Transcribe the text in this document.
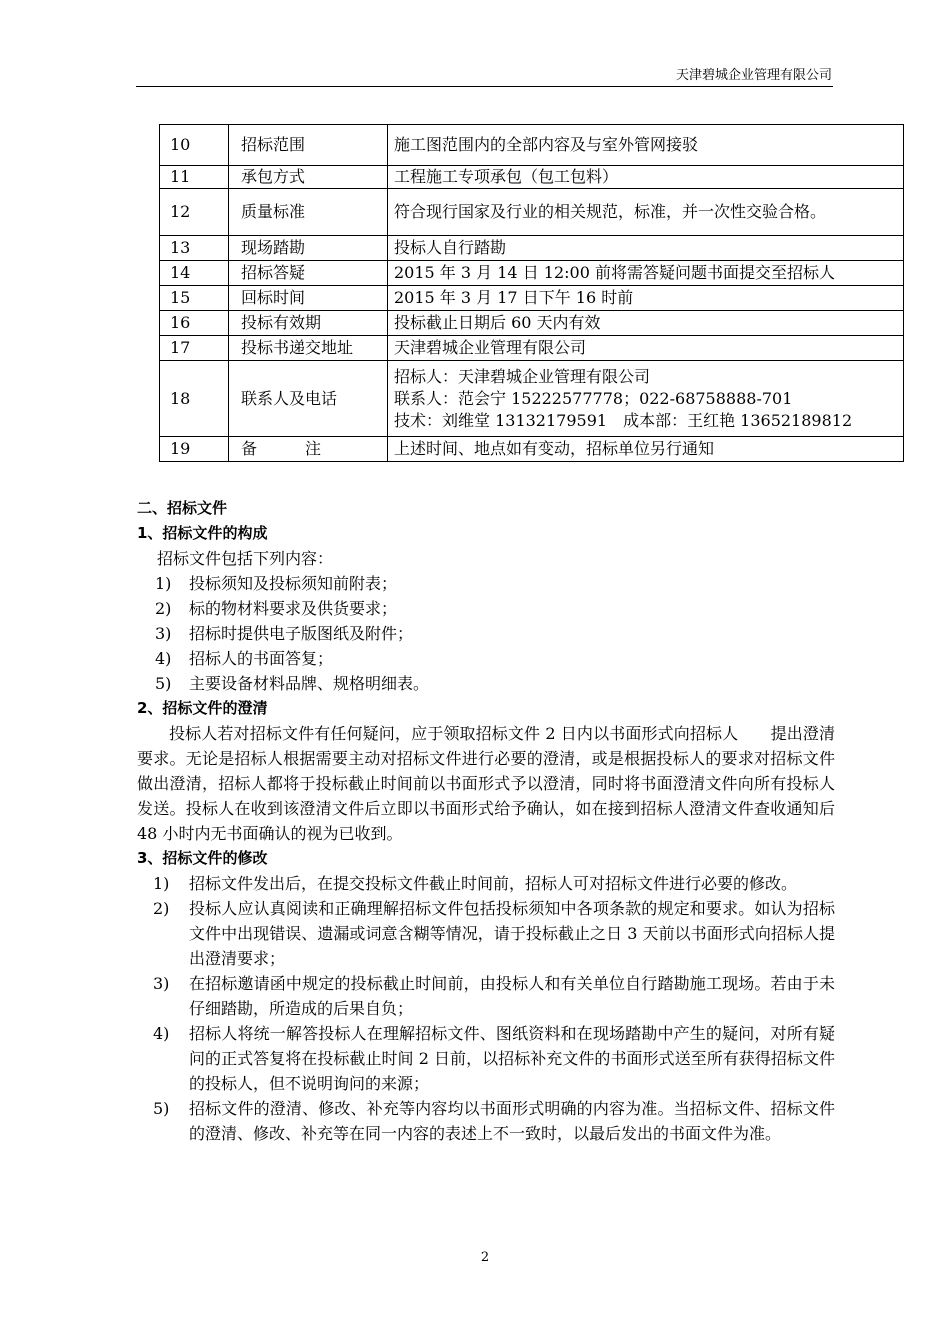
天津碧城企业管理有限公司
10	招标范围	施工图范围内的全部内容及与室外管网接驳

11	承包方式	工程施工专项承包（包工包料）

12	质量标准	符合现行国家及行业的相关规范，标准，并一次性交验合格。

13	现场踏勘	投标人自行踏勘

14	招标答疑	2015 年 3 月 14 日 12:00 前将需答疑问题书面提交至招标人

15	回标时间	2015 年 3 月 17 日下午 16 时前

16	投标有效期	投标截止日期后 60 天内有效

17	投标书递交地址	天津碧城企业管理有限公司

18	联系人及电话	招标人：天津碧城企业管理有限公司
联系人：范会宁 15222577778；022-68758888-701
技术：刘维堂 13132179591　成本部：王红艳 13652189812

19	备　　　注	上述时间、地点如有变动，招标单位另行通知
二、招标文件
1、招标文件的构成
招标文件包括下列内容：
1)	投标须知及投标须知前附表；
2)	标的物材料要求及供货要求；
3)	招标时提供电子版图纸及附件；
4)	招标人的书面答复；
5)	主要设备材料品牌、规格明细表。
2、招标文件的澄清
投标人若对招标文件有任何疑问，应于领取招标文件 2 日内以书面形式向招标人　　提出澄清要求。无论是招标人根据需要主动对招标文件进行必要的澄清，或是根据投标人的要求对招标文件做出澄清，招标人都将于投标截止时间前以书面形式予以澄清，同时将书面澄清文件向所有投标人发送。投标人在收到该澄清文件后立即以书面形式给予确认，如在接到招标人澄清文件查收通知后 48 小时内无书面确认的视为已收到。
3、招标文件的修改
1)	招标文件发出后，在提交投标文件截止时间前，招标人可对招标文件进行必要的修改。
2)	投标人应认真阅读和正确理解招标文件包括投标须知中各项条款的规定和要求。如认为招标文件中出现错误、遗漏或词意含糊等情况，请于投标截止之日 3 天前以书面形式向招标人提出澄清要求；
3)	在招标邀请函中规定的投标截止时间前，由投标人和有关单位自行踏勘施工现场。若由于未仔细踏勘，所造成的后果自负；
4)	招标人将统一解答投标人在理解招标文件、图纸资料和在现场踏勘中产生的疑问，对所有疑问的正式答复将在投标截止时间 2 日前，以招标补充文件的书面形式送至所有获得招标文件的投标人，但不说明询问的来源；
5)	招标文件的澄清、修改、补充等内容均以书面形式明确的内容为准。当招标文件、招标文件的澄清、修改、补充等在同一内容的表述上不一致时，以最后发出的书面文件为准。
2
